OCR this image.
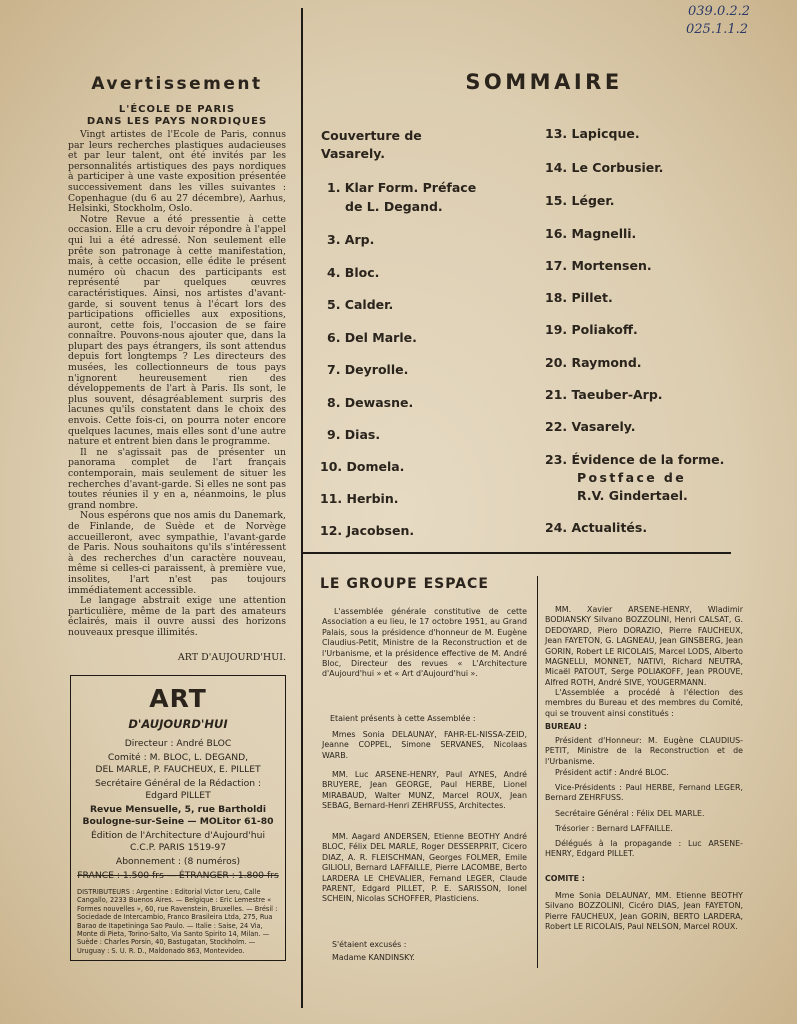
039.0.2.2
025.1.1.2
Avertissement
L'ÉCOLE DE PARIS
DANS LES PAYS NORDIQUES

Vingt artistes de l'Ecole de Paris, connus par leurs recherches plastiques audacieuses et par leur talent, ont été invités par les personnalités artistiques des pays nordiques à participer à une vaste exposition présentée successivement dans les villes suivantes : Copenhague (du 6 au 27 décembre), Aarhus, Helsinki, Stockholm, Oslo.

Notre Revue a été pressentie à cette occasion. Elle a cru devoir répondre à l'appel qui lui a été adressé. Non seulement elle prête son patronage à cette manifestation, mais, à cette occasion, elle édite le présent numéro où chacun des participants est représenté par quelques œuvres caractéristiques. Ainsi, nos artistes d'avant-garde, si souvent tenus à l'écart lors des participations officielles aux expositions, auront, cette fois, l'occasion de se faire connaître. Pouvons-nous ajouter que, dans la plupart des pays étrangers, ils sont attendus depuis fort longtemps ? Les directeurs des musées, les collectionneurs de tous pays n'ignorent heureusement rien des développements de l'art à Paris. Ils sont, le plus souvent, désagréablement surpris des lacunes qu'ils constatent dans le choix des envois. Cette fois-ci, on pourra noter encore quelques lacunes, mais elles sont d'une autre nature et entrent bien dans le programme.

Il ne s'agissait pas de présenter un panorama complet de l'art français contemporain, mais seulement de situer les recherches d'avant-garde. Si elles ne sont pas toutes réunies il y en a, néanmoins, le plus grand nombre.

Nous espérons que nos amis du Danemark, de Finlande, de Suède et de Norvège accueilleront, avec sympathie, l'avant-garde de Paris. Nous souhaitons qu'ils s'intéressent à des recherches d'un caractère nouveau, même si celles-ci paraissent, à première vue, insolites, l'art n'est pas toujours immédiatement accessible.

Le langage abstrait exige une attention particulière, même de la part des amateurs éclairés, mais il ouvre aussi des horizons nouveaux presque illimités.

ART D'AUJOURD'HUI.
ART
D'AUJOURD'HUI
Directeur : André BLOC
Comité : M. BLOC, L. DEGAND,
DEL MARLE, P. FAUCHEUX, E. PILLET
Secrétaire Général de la Rédaction :
Edgard PILLET
Revue Mensuelle, 5, rue Bartholdi
Boulogne-sur-Seine — MOLitor 61-80
Édition de l'Architecture d'Aujourd'hui
C.C.P. PARIS 1519-97
Abonnement : (8 numéros)
FRANCE : 1.500 frs — ÉTRANGER : 1.800 frs
DISTRIBUTEURS : Argentine : Editorial Victor Leru, Calle Cangallo, 2233 Buenos Aires. — Belgique : Eric Lemestre « Formes nouvelles », 60, rue Ravenstein, Bruxelles. — Brésil : Sociedade de Intercambio, Franco Brasileira Ltda, 275, Rua Barao de Itapetininga Sao Paulo. — Italie : Saise, 24 Via, Monte di Pieta, Torino-Salto, Via Santo Spirito 14, Milan. — Suède : Charles Porsin, 40, Bastugatan, Stockholm. — Uruguay : S. U. R. D., Maldonado 863, Montevideo.
SOMMAIRE
Couverture de
Vasarely.
1. Klar Form. Préface
de L. Degand.
3. Arp.
4. Bloc.
5. Calder.
6. Del Marle.
7. Deyrolle.
8. Dewasne.
9. Dias.
10. Domela.
11. Herbin.
12. Jacobsen.
13. Lapicque.
14. Le Corbusier.
15. Léger.
16. Magnelli.
17. Mortensen.
18. Pillet.
19. Poliakoff.
20. Raymond.
21. Taeuber-Arp.
22. Vasarely.
23. Évidence de la forme.
Postface de
R.V. Gindertael.
24. Actualités.
LE GROUPE ESPACE
L'assemblée générale constitutive de cette Association a eu lieu, le 17 octobre 1951, au Grand Palais, sous la présidence d'honneur de M. Eugène Claudius-Petit, Ministre de la Reconstruction et de l'Urbanisme, et la présidence effective de M. André Bloc, Directeur des revues « L'Architecture d'Aujourd'hui » et « Art d'Aujourd'hui ».
Etaient présents à cette Assemblée :
Mmes Sonia DELAUNAY, FAHR-EL-NISSA-ZEID, Jeanne COPPEL, Simone SERVANES, Nicolaas WARB.
MM. Luc ARSENE-HENRY, Paul AYNES, André BRUYERE, Jean GEORGE, Paul HERBE, Lionel MIRABAUD, Walter MUNZ, Marcel ROUX, Jean SEBAG, Bernard-Henri ZEHRFUSS, Architectes.
MM. Aagard ANDERSEN, Etienne BEOTHY André BLOC, Félix DEL MARLE, Roger DESSERPRIT, Cicero DIAZ, A. R. FLEISCHMAN, Georges FOLMER, Emile GILIOLI, Bernard LAFFAILLE, Pierre LACOMBE, Berto LARDERA LE CHEVALIER, Fernand LEGER, Claude PARENT, Edgard PILLET, P. E. SARISSON, Ionel SCHEIN, Nicolas SCHOFFER, Plasticiens.
S'étaient excusés :
Madame KANDINSKY.
MM. Xavier ARSENE-HENRY, Wladimir BODIANSKY Silvano BOZZOLINI, Henri CALSAT, G. DEDOYARD, Piero DORAZIO, Pierre FAUCHEUX, Jean FAYETON, G. LAGNEAU, Jean GINSBERG, Jean GORIN, Robert LE RICOLAIS, Marcel LODS, Alberto MAGNELLI, MONNET, NATIVI, Richard NEUTRA, Micaël PATOUT, Serge POLIAKOFF, Jean PROUVE, Alfred ROTH, André SIVE, YOUGERMANN.
L'Assemblée a procédé à l'élection des membres du Bureau et des membres du Comité, qui se trouvent ainsi constitués :
BUREAU :
Président d'Honneur: M. Eugène CLAUDIUS-PETIT, Ministre de la Reconstruction et de l'Urbanisme.
Président actif : André BLOC.
Vice-Présidents : Paul HERBE, Fernand LEGER, Bernard ZEHRFUSS.
Secrétaire Général : Félix DEL MARLE.
Trésorier : Bernard LAFFAILLE.
Délégués à la propagande : Luc ARSENE-HENRY, Edgard PILLET.
COMITE :
Mme Sonia DELAUNAY, MM. Etienne BEOTHY Silvano BOZZOLINI, Cicéro DIAS, Jean FAYETON, Pierre FAUCHEUX, Jean GORIN, BERTO LARDERA, Robert LE RICOLAIS, Paul NELSON, Marcel ROUX.
